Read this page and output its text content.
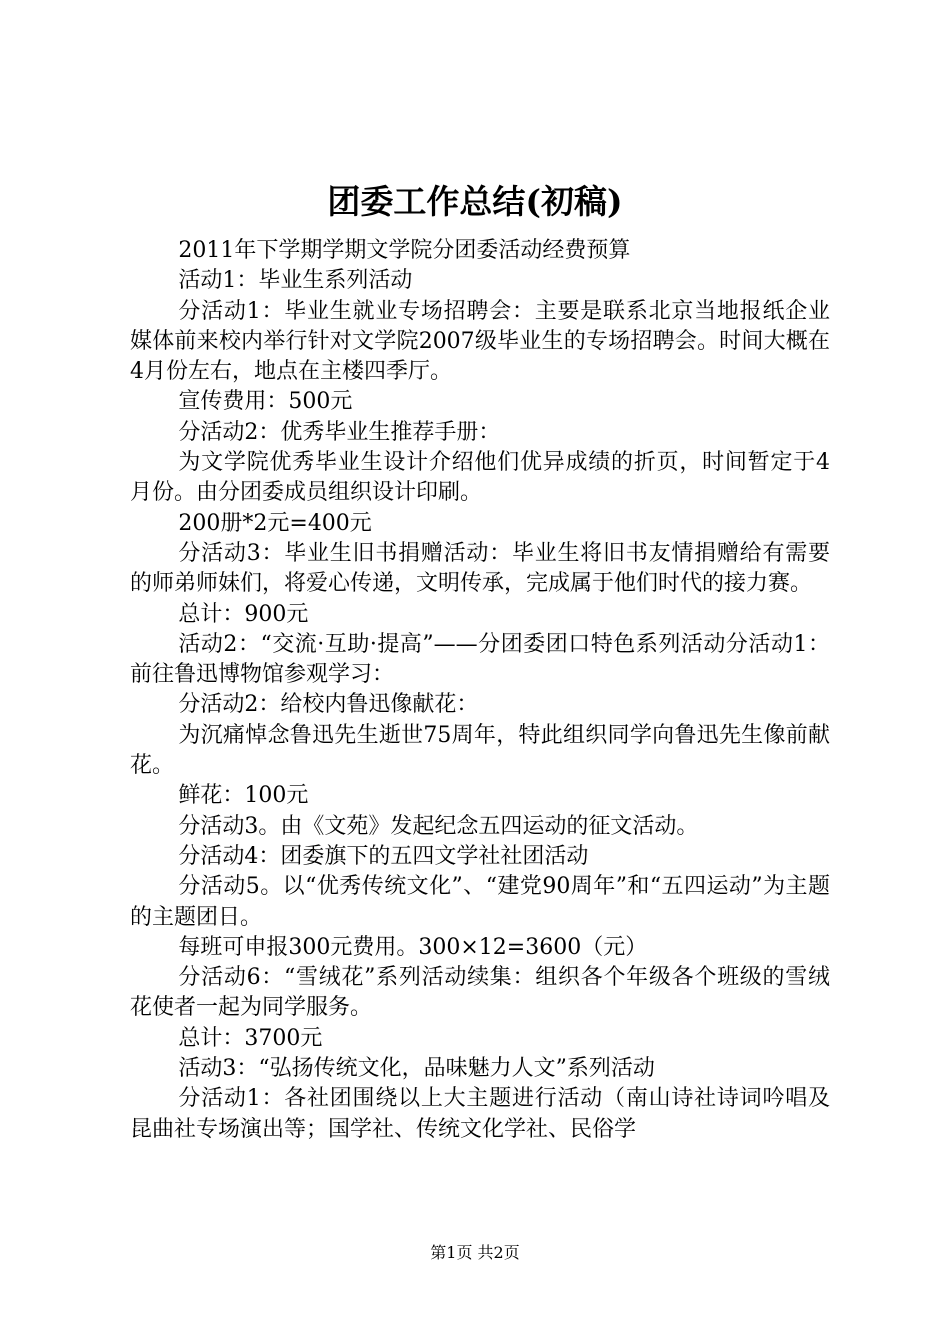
团委工作总结(初稿)

2011年下学期学期文学院分团委活动经费预算

活动1：毕业生系列活动

分活动1：毕业生就业专场招聘会：主要是联系北京当地报纸企业媒体前来校内举行针对文学院2007级毕业生的专场招聘会。时间大概在4月份左右，地点在主楼四季厅。

宣传费用：500元

分活动2：优秀毕业生推荐手册：

为文学院优秀毕业生设计介绍他们优异成绩的折页，时间暂定于4月份。由分团委成员组织设计印刷。

200册*2元=400元

分活动3：毕业生旧书捐赠活动：毕业生将旧书友情捐赠给有需要的师弟师妹们，将爱心传递，文明传承，完成属于他们时代的接力赛。

总计：900元

活动2：“交流·互助·提高”——分团委团口特色系列活动分活动1：前往鲁迅博物馆参观学习：

分活动2：给校内鲁迅像献花：

为沉痛悼念鲁迅先生逝世75周年，特此组织同学向鲁迅先生像前献花。

鲜花：100元

分活动3。由《文苑》发起纪念五四运动的征文活动。

分活动4：团委旗下的五四文学社社团活动

分活动5。以“优秀传统文化”、“建党90周年”和“五四运动”为主题的主题团日。

每班可申报300元费用。300×12=3600（元）

分活动6：“雪绒花”系列活动续集：组织各个年级各个班级的雪绒花使者一起为同学服务。

总计：3700元

活动3：“弘扬传统文化，品味魅力人文”系列活动

分活动1：各社团围绕以上大主题进行活动（南山诗社诗词吟唱及昆曲社专场演出等；国学社、传统文化学社、民俗学

第1页 共2页
